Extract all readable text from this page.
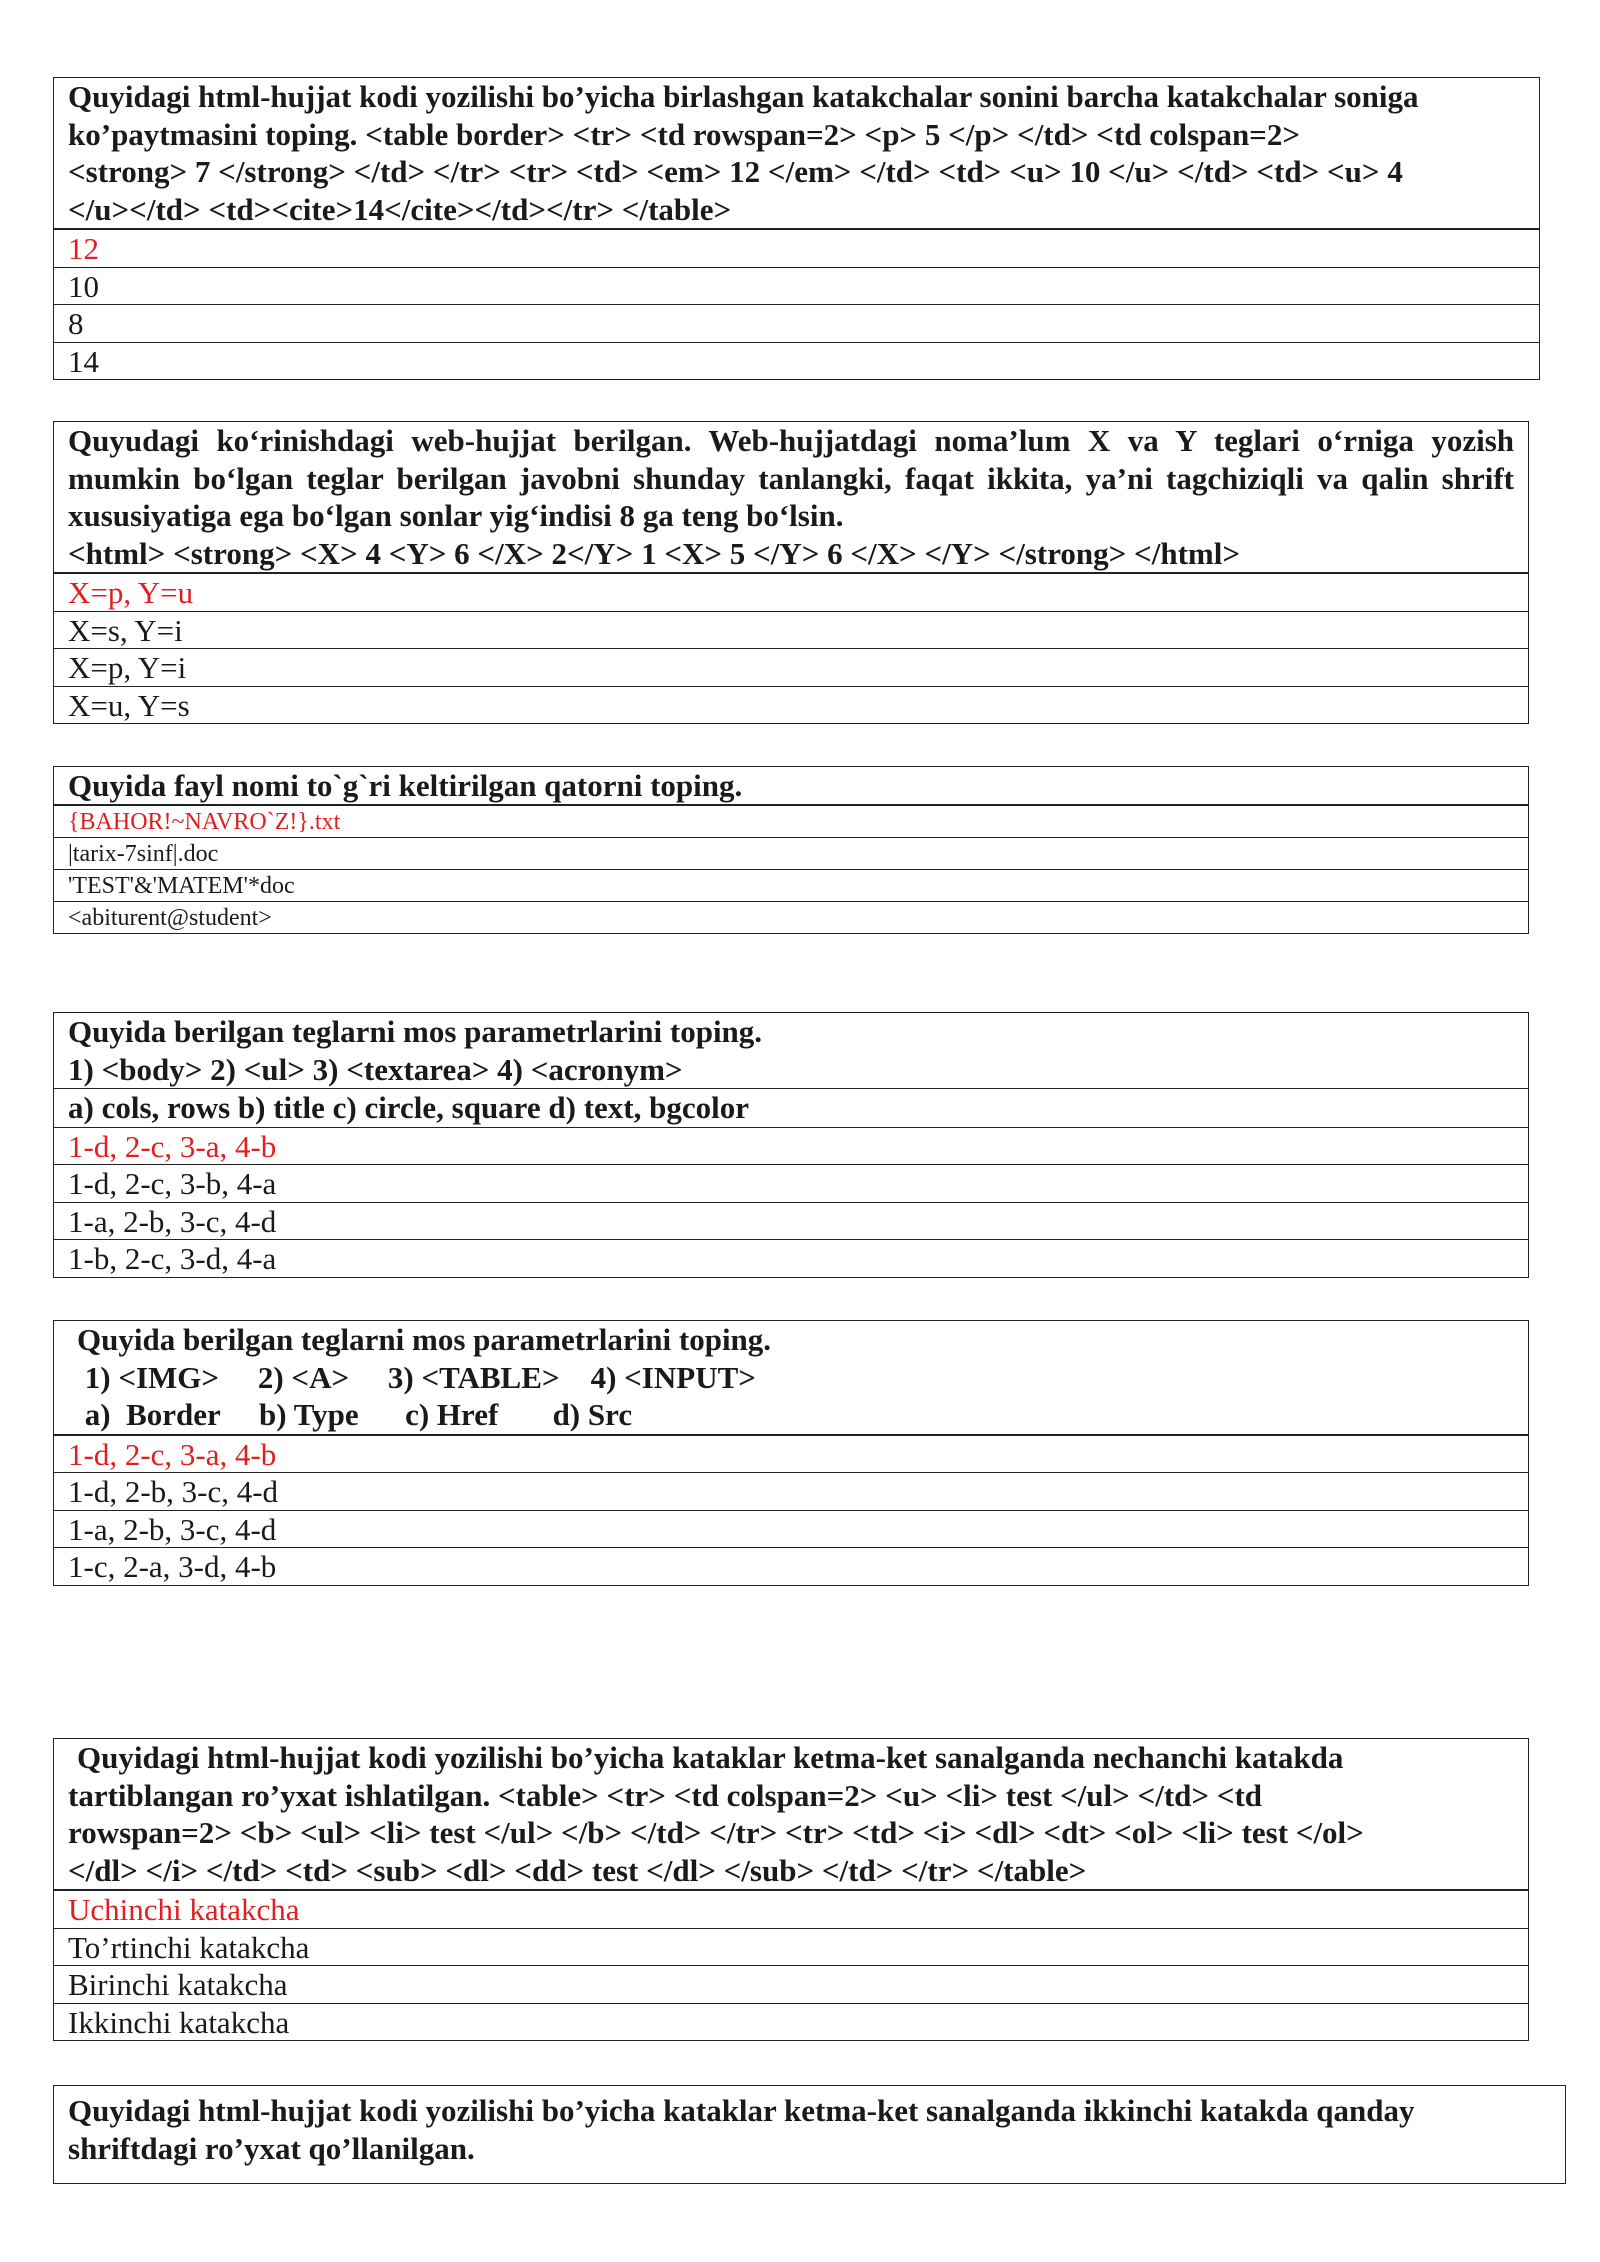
Quyidagi html-hujjat kodi yozilishi bo’yicha birlashgan katakchalar sonini barcha katakchalar soniga
ko’paytmasini toping. <table border> <tr> <td rowspan=2> <p> 5 </p> </td> <td colspan=2>
<strong> 7 </strong> </td> </tr> <tr> <td> <em> 12 </em> </td> <td> <u> 10 </u> </td> <td> <u> 4
</u></td> <td><cite>14</cite></td></tr> </table>
12
10
8
14
Quyudagi ko‘rinishdagi web-hujjat berilgan. Web-hujjatdagi noma’lum X va Y teglari o‘rniga yozish
mumkin bo‘lgan teglar berilgan javobni shunday tanlangki, faqat ikkita, ya’ni tagchiziqli va qalin shrift
xususiyatiga ega bo‘lgan sonlar yig‘indisi 8 ga teng bo‘lsin.
<html> <strong> <X> 4 <Y> 6 </X> 2</Y> 1 <X> 5 </Y> 6 </X> </Y> </strong> </html>
X=p, Y=u
X=s, Y=i
X=p, Y=i
X=u, Y=s
Quyida fayl nomi to`g`ri keltirilgan qatorni toping.
{BAHOR!~NAVRO`Z!}.txt
|tarix-7sinf|.doc
'TEST'&'MATEM'*doc
<abiturent@student>
Quyida berilgan teglarni mos parametrlarini toping.
1) <body> 2) <ul> 3) <textarea> 4) <acronym>
a) cols, rows b) title c) circle, square d) text, bgcolor
1-d, 2-c, 3-a, 4-b
1-d, 2-c, 3-b, 4-a
1-a, 2-b, 3-c, 4-d
1-b, 2-c, 3-d, 4-a
Quyida berilgan teglarni mos parametrlarini toping.
1) <IMG>     2) <A>     3) <TABLE>    4) <INPUT>
a)  Border     b) Type      c) Href       d) Src
1-d, 2-c, 3-a, 4-b
1-d, 2-b, 3-c, 4-d
1-a, 2-b, 3-c, 4-d
1-c, 2-a, 3-d, 4-b
Quyidagi html-hujjat kodi yozilishi bo’yicha kataklar ketma-ket sanalganda nechanchi katakda
tartiblangan ro’yxat ishlatilgan. <table> <tr> <td colspan=2> <u> <li> test </ul> </td> <td
rowspan=2> <b> <ul> <li> test </ul> </b> </td> </tr> <tr> <td> <i> <dl> <dt> <ol> <li> test </ol>
</dl> </i> </td> <td> <sub> <dl> <dd> test </dl> </sub> </td> </tr> </table>
Uchinchi katakcha
To’rtinchi katakcha
Birinchi katakcha
Ikkinchi katakcha
Quyidagi html-hujjat kodi yozilishi bo’yicha kataklar ketma-ket sanalganda ikkinchi katakda qanday
shriftdagi ro’yxat qo’llanilgan.
